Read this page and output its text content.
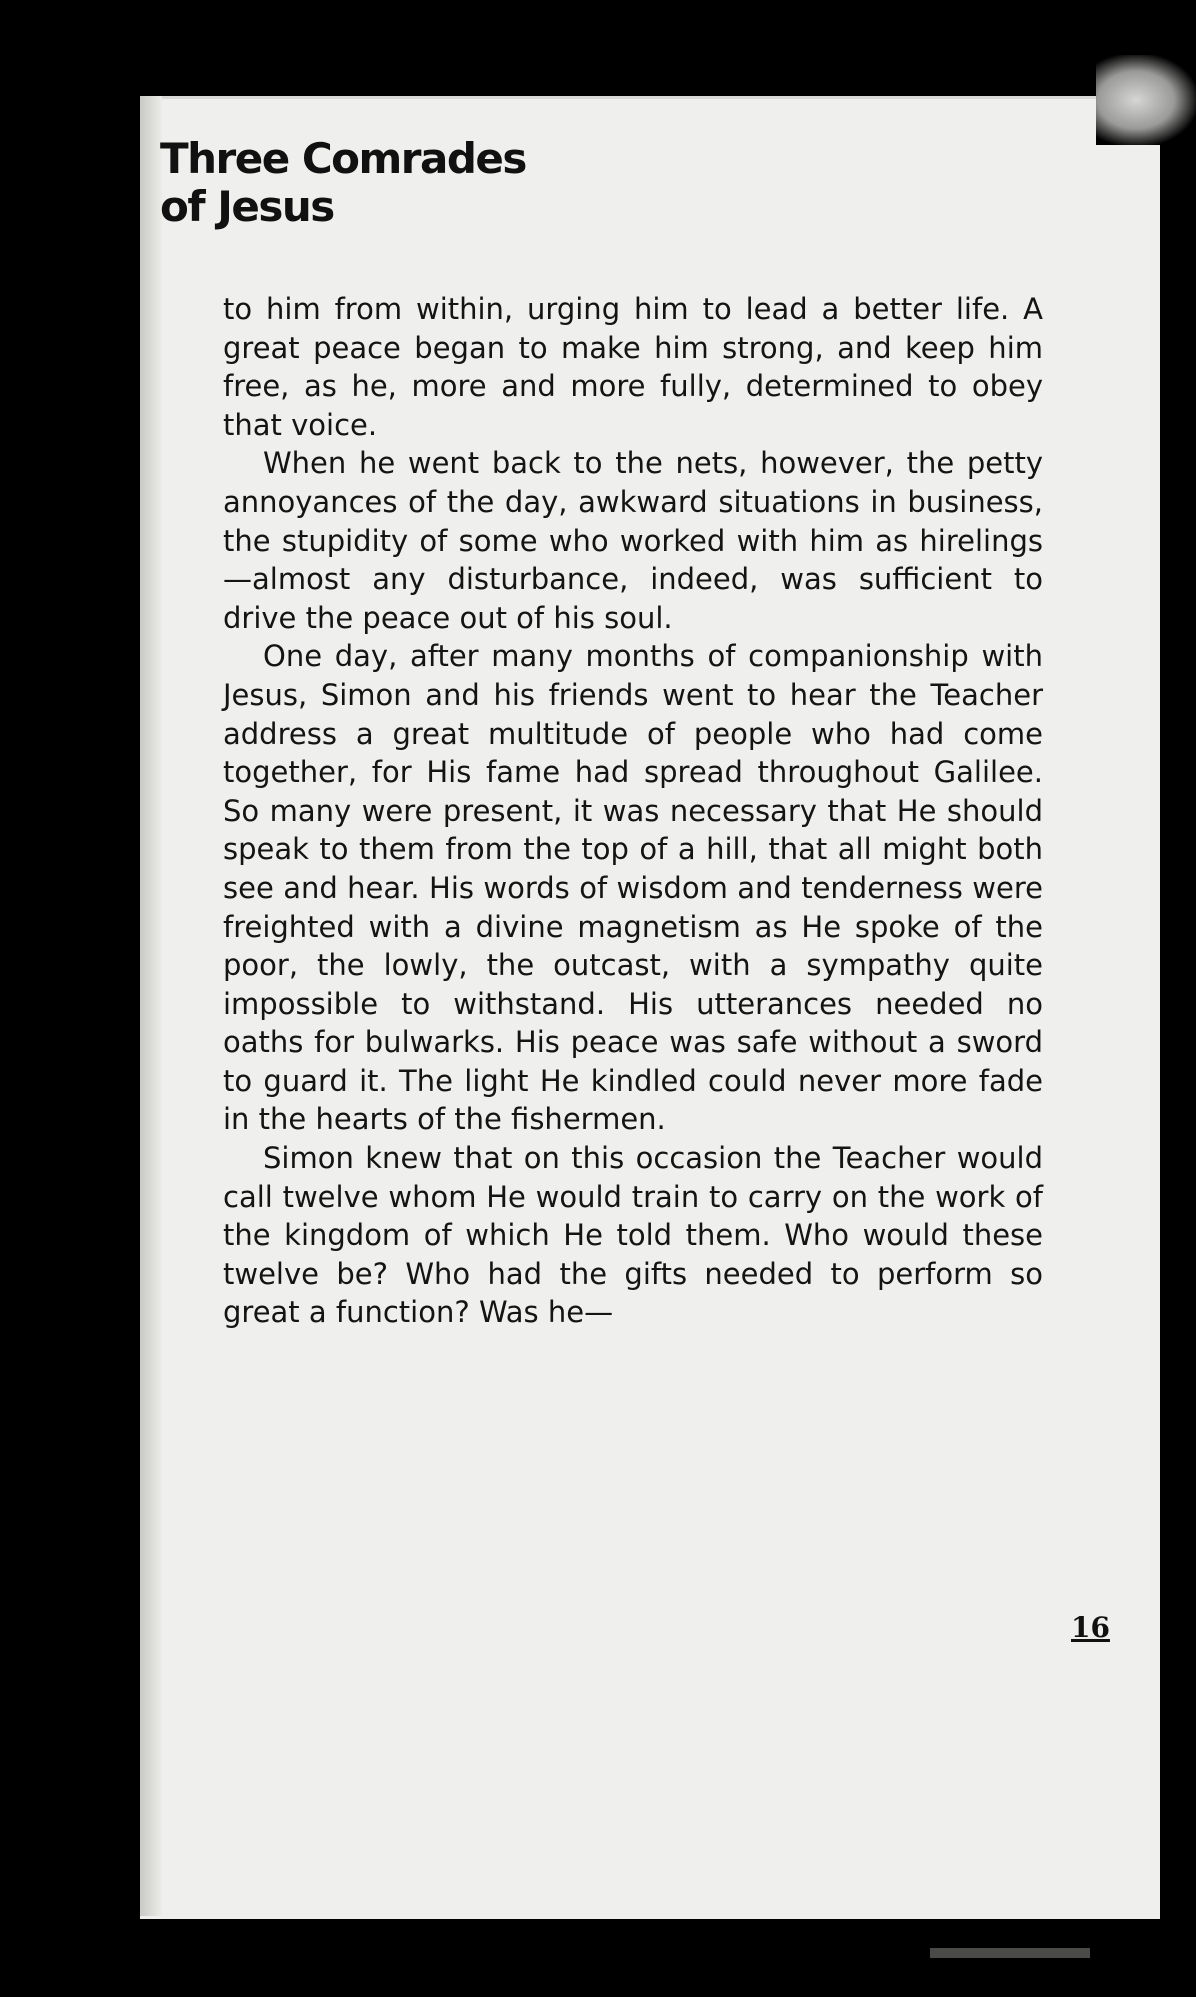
Three Comrades
of Jesus

to him from within, urging him to lead a better life. A great peace began to make him strong, and keep him free, as he, more and more fully, determined to obey that voice.

When he went back to the nets, however, the petty annoyances of the day, awkward situations in business, the stupidity of some who worked with him as hirelings—almost any disturbance, indeed, was sufficient to drive the peace out of his soul.

One day, after many months of companionship with Jesus, Simon and his friends went to hear the Teacher address a great multitude of people who had come together, for His fame had spread throughout Galilee. So many were present, it was necessary that He should speak to them from the top of a hill, that all might both see and hear. His words of wisdom and tenderness were freighted with a divine magnetism as He spoke of the poor, the lowly, the outcast, with a sympathy quite impossible to withstand. His utterances needed no oaths for bulwarks. His peace was safe without a sword to guard it. The light He kindled could never more fade in the hearts of the fishermen.

Simon knew that on this occasion the Teacher would call twelve whom He would train to carry on the work of the kingdom of which He told them. Who would these twelve be? Who had the gifts needed to perform so great a function? Was he—

16
